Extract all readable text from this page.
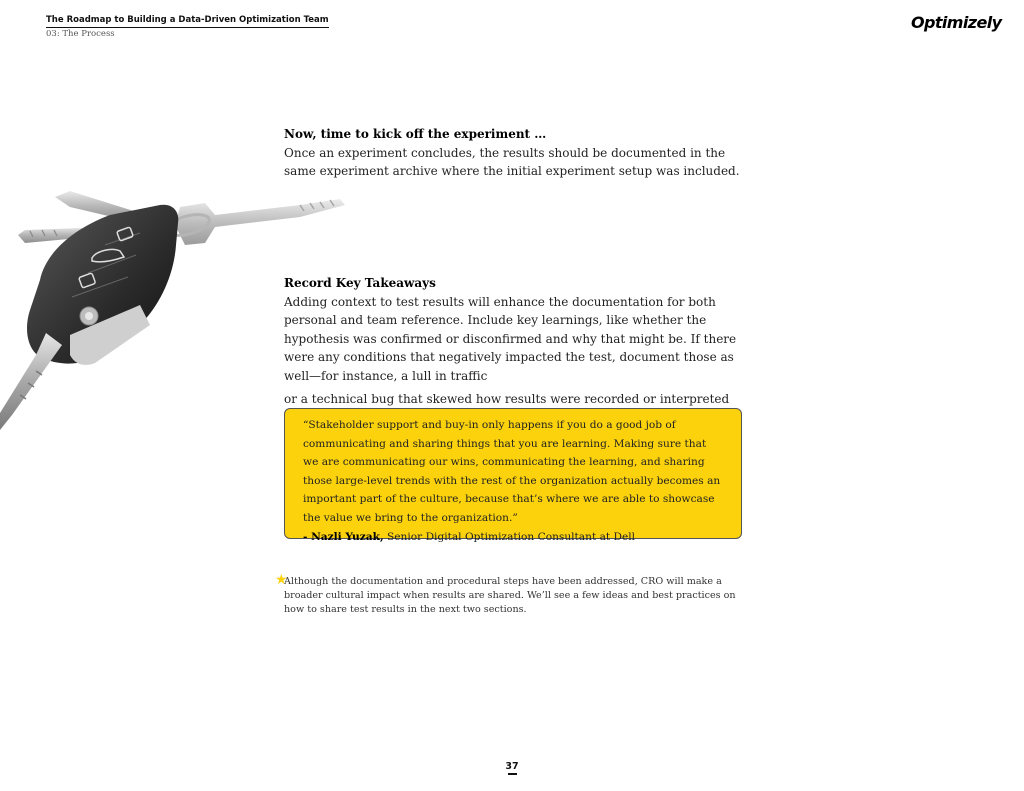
The Roadmap to Building a Data-Driven Optimization Team
03: The Process
Optimizely
Now, time to kick off the experiment …
Once an experiment concludes, the results should be documented in the same experiment archive where the initial experiment setup was included.
Record Key Takeaways
Adding context to test results will enhance the documentation for both personal and team reference. Include key learnings, like whether the hypothesis was confirmed or disconfirmed and why that might be. If there were any conditions that negatively impacted the test, document those as well—for instance, a lull in traffic
or a technical bug that skewed how results were recorded or interpreted
“Stakeholder support and buy-in only happens if you do a good job of communicating and sharing things that you are learning. Making sure that we are communicating our wins, communicating the learning, and sharing those large-level trends with the rest of the organization actually becomes an important part of the culture, because that’s where we are able to showcase the value we bring to the organization.”
- Nazli Yuzak, Senior Digital Optimization Consultant at Dell
★
Although the documentation and procedural steps have been addressed, CRO will make a broader cultural impact when results are shared. We’ll see a few ideas and best practices on how to share test results in the next two sections.
37
